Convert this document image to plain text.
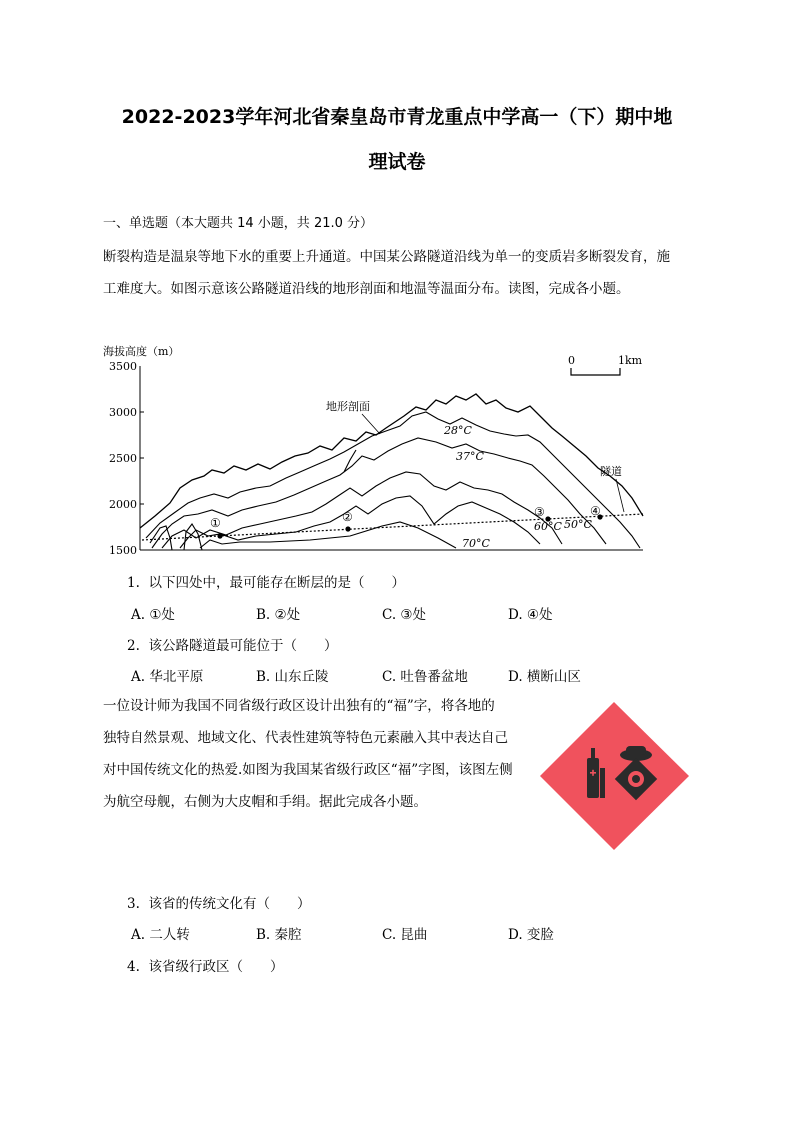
2022-2023学年河北省秦皇岛市青龙重点中学高一（下）期中地
理试卷
一、单选题（本大题共 14 小题，共 21.0 分）
断裂构造是温泉等地下水的重要上升通道。中国某公路隧道沿线为单一的变质岩多断裂发育，施
工难度大。如图示意该公路隧道沿线的地形剖面和地温等温面分布。读图，完成各小题。
海拔高度（m）
3500
3000
2500
2000
1500
0	1km
①	②	③	④
地形剖面
隧道
28°C
37°C
50°C
60°C
70°C
1. 以下四处中，最可能存在断层的是（　　）
A. ①处	B. ②处	C. ③处	D. ④处
2. 该公路隧道最可能位于（　　）
A. 华北平原	B. 山东丘陵	C. 吐鲁番盆地	D. 横断山区
一位设计师为我国不同省级行政区设计出独有的“福”字，将各地的
独特自然景观、地域文化、代表性建筑等特色元素融入其中表达自己
对中国传统文化的热爱.如图为我国某省级行政区“福”字图，该图左侧
为航空母舰，右侧为大皮帽和手绢。据此完成各小题。
3. 该省的传统文化有（　　）
A. 二人转	B. 秦腔	C. 昆曲	D. 变脸
4. 该省级行政区（　　）
